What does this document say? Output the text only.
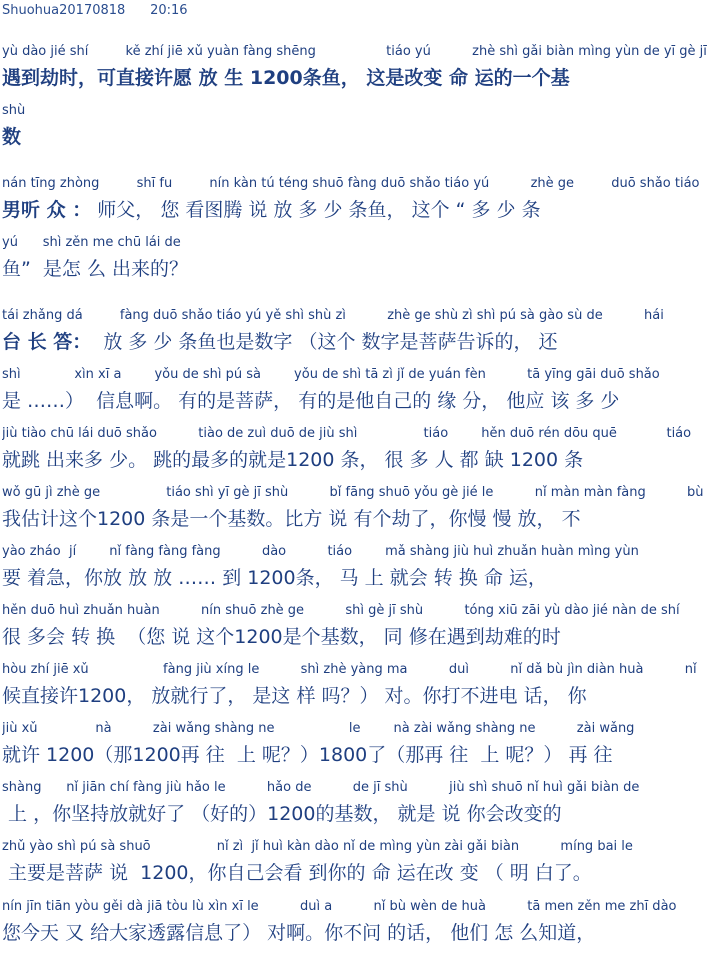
Shuohua20170818      20:16
yù dào jié shí         kě zhí jiē xǔ yuàn fàng shēng                 tiáo yú          zhè shì gǎi biàn mìng yùn de yī gè jī
遇到劫时，可直接许愿 放 生 1200条鱼， 这是改变 命 运的一个基
shù
数
nán tīng zhòng         shī fu         nín kàn tú téng shuō fàng duō shǎo tiáo yú          zhè ge         duō shǎo tiáo
男听 众 ： 师父， 您 看图腾 说 放 多 少 条鱼， 这个 “ 多 少 条
yú      shì zěn me chū lái de
鱼”  是怎 么 出来的？
tái zhǎng dá         fàng duō shǎo tiáo yú yě shì shù zì          zhè ge shù zì shì pú sà gào sù de          hái
台 长 答：  放 多 少 条鱼也是数字 （这个 数字是菩萨告诉的， 还
shì             xìn xī a        yǒu de shì pú sà        yǒu de shì tā zì jǐ de yuán fèn          tā yīng gāi duō shǎo
是 ……）  信息啊。 有的是菩萨， 有的是他自己的 缘 分， 他应 该 多 少
jiù tiào chū lái duō shǎo          tiào de zuì duō de jiù shì                tiáo        hěn duō rén dōu quē            tiáo
就跳 出来多 少。 跳的最多的就是1200 条， 很 多 人 都 缺 1200 条
wǒ gū jì zhè ge                tiáo shì yī gè jī shù          bǐ fāng shuō yǒu gè jié le          nǐ màn màn fàng          bù
我估计这个1200 条是一个基数。比方 说 有个劫了，你慢 慢 放， 不
yào zháo  jí        nǐ fàng fàng fàng          dào          tiáo        mǎ shàng jiù huì zhuǎn huàn mìng yùn
要 着急，你放 放 放 …… 到 1200条， 马 上 就会 转 换 命 运，
hěn duō huì zhuǎn huàn          nín shuō zhè ge          shì gè jī shù          tóng xiū zāi yù dào jié nàn de shí
很 多会 转 换  （您 说 这个1200是个基数， 同 修在遇到劫难的时
hòu zhí jiē xǔ                  fàng jiù xíng le          shì zhè yàng ma          duì          nǐ dǎ bù jìn diàn huà          nǐ
候直接许1200， 放就行了， 是这 样 吗？） 对。你打不进电 话， 你
jiù xǔ              nà          zài wǎng shàng ne                  le        nà zài wǎng shàng ne          zài wǎng
就许 1200（那1200再 往  上 呢？）1800了（那再 往  上 呢？） 再 往
shàng      nǐ jiān chí fàng jiù hǎo le          hǎo de          de jī shù          jiù shì shuō nǐ huì gǎi biàn de
上 ，你坚持放就好了 （好的）1200的基数， 就是 说 你会改变的
zhǔ yào shì pú sà shuō                nǐ zì  jǐ huì kàn dào nǐ de mìng yùn zài gǎi biàn          míng bai le
主要是菩萨 说  1200，你自己会看 到你的 命 运在改 变 （ 明 白了。
nín jīn tiān yòu gěi dà jiā tòu lù xìn xī le          duì a          nǐ bù wèn de huà          tā men zěn me zhī dào
您今天 又 给大家透露信息了） 对啊。你不问 的话， 他们 怎 么知道，
